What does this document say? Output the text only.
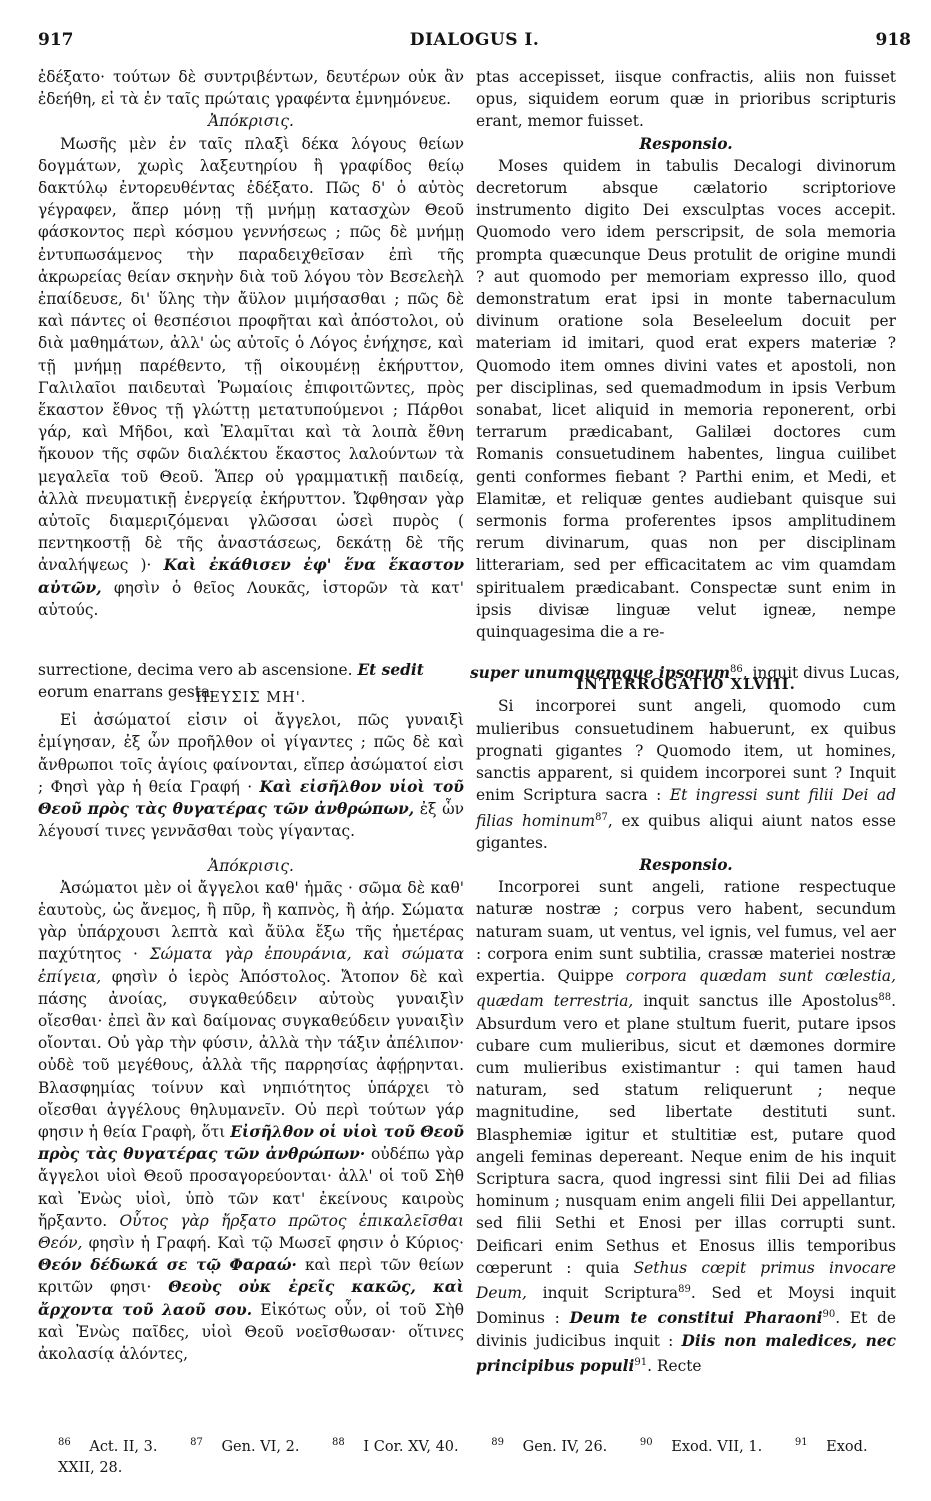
917	DIALOGUS I.	918

ἐδέξατο· τούτων δὲ συντριβέντων, δευτέρων οὐκ ἂν ἐδεήθη, εἰ τὰ ἐν ταῖς πρώταις γραφέντα ἐμνημόνευε.

Ἀπόκρισις.

Μωσῆς μὲν ἐν ταῖς πλαξὶ δέκα λόγους θείων δογμάτων, χωρὶς λαξευτηρίου ἢ γραφίδος θείῳ δακτύλῳ ἐντορευθέντας ἐδέξατο. Πῶς δ' ὁ αὐτὸς γέγραφεν, ἅπερ μόνῃ τῇ μνήμῃ κατασχὼν Θεοῦ φάσκοντος περὶ κόσμου γεννήσεως ; πῶς δὲ μνήμῃ ἐντυπωσάμενος τὴν παραδειχθεῖσαν ἐπὶ τῆς ἀκρωρείας θείαν σκηνὴν διὰ τοῦ λόγου τὸν Βεσελεὴλ ἐπαίδευσε, δι' ὕλης τὴν ἄϋλον μιμήσασθαι ; πῶς δὲ καὶ πάντες οἱ θεσπέσιοι προφῆται καὶ ἀπόστολοι, οὐ διὰ μαθημάτων, ἀλλ' ὡς αὐτοῖς ὁ Λόγος ἐνήχησε, καὶ τῇ μνήμῃ παρέθεντο, τῇ οἰκουμένῃ ἐκήρυττον, Γαλιλαῖοι παιδευταὶ Ῥωμαίοις ἐπιφοιτῶντες, πρὸς ἕκαστον ἔθνος τῇ γλώττῃ μετατυπούμενοι ; Πάρθοι γάρ, καὶ Μῆδοι, καὶ Ἐλαμῖται καὶ τὰ λοιπὰ ἔθνη ἤκουον τῆς σφῶν διαλέκτου ἕκαστος λαλούντων τὰ μεγαλεῖα τοῦ Θεοῦ. Ἅπερ οὐ γραμματικῇ παιδείᾳ, ἀλλὰ πνευματικῇ ἐνεργείᾳ ἐκήρυττον. Ὤφθησαν γὰρ αὐτοῖς διαμεριζόμεναι γλῶσσαι ὡσεὶ πυρὸς ( πεντηκοστῇ δὲ τῆς ἀναστάσεως, δεκάτῃ δὲ τῆς ἀναλήψεως )· Καὶ ἐκάθισεν ἐφ' ἕνα ἕκαστον αὐτῶν, φησὶν ὁ θεῖος Λουκᾶς, ἱστορῶν τὰ κατ' αὐτούς.

ΠΕΥΣΙΣ ΜΗ'.

Εἰ ἀσώματοί εἰσιν οἱ ἄγγελοι, πῶς γυναιξὶ ἐμίγησαν, ἐξ ὧν προῆλθον οἱ γίγαντες ; πῶς δὲ καὶ ἄνθρωποι τοῖς ἁγίοις φαίνονται, εἴπερ ἀσώματοί εἰσι ; Φησὶ γὰρ ἡ θεία Γραφή · Καὶ εἰσῆλθον υἱοὶ τοῦ Θεοῦ πρὸς τὰς θυγατέρας τῶν ἀνθρώπων, ἐξ ὧν λέγουσί τινες γεννᾶσθαι τοὺς γίγαντας.

Ἀπόκρισις.

Ἀσώματοι μὲν οἱ ἄγγελοι καθ' ἡμᾶς · σῶμα δὲ καθ' ἑαυτοὺς, ὡς ἄνεμος, ἢ πῦρ, ἢ καπνὸς, ἢ ἀήρ. Σώματα γὰρ ὑπάρχουσι λεπτὰ καὶ ἄϋλα ἔξω τῆς ἡμετέρας παχύτητος · Σώματα γὰρ ἐπουράνια, καὶ σώματα ἐπίγεια, φησὶν ὁ ἱερὸς Ἀπόστολος. Ἄτοπον δὲ καὶ πάσης ἀνοίας, συγκαθεύδειν αὐτοὺς γυναιξὶν οἴεσθαι· ἐπεὶ ἂν καὶ δαίμονας συγκαθεύδειν γυναιξὶν οἴονται. Οὐ γὰρ τὴν φύσιν, ἀλλὰ τὴν τάξιν ἀπέλιπον· οὐδὲ τοῦ μεγέθους, ἀλλὰ τῆς παρρησίας ἀφῄρηνται. Βλασφημίας τοίνυν καὶ νηπιότητος ὑπάρχει τὸ οἴεσθαι ἀγγέλους θηλυμανεῖν. Οὐ περὶ τούτων γάρ φησιν ἡ θεία Γραφὴ, ὅτι Εἰσῆλθον οἱ υἱοὶ τοῦ Θεοῦ πρὸς τὰς θυγατέρας τῶν ἀνθρώπων· οὐδέπω γὰρ ἄγγελοι υἱοὶ Θεοῦ προσαγορεύονται· ἀλλ' οἱ τοῦ Σὴθ καὶ Ἐνὼς υἱοὶ, ὑπὸ τῶν κατ' ἐκείνους καιροὺς ἤρξαντο. Οὗτος γὰρ ἤρξατο πρῶτος ἐπικαλεῖσθαι Θεόν, φησὶν ἡ Γραφή. Καὶ τῷ Μωσεῖ φησιν ὁ Κύριος· Θεόν δέδωκά σε τῷ Φαραώ· καὶ περὶ τῶν θείων κριτῶν φησι· Θεοὺς οὐκ ἐρεῖς κακῶς, καὶ ἄρχοντα τοῦ λαοῦ σου. Εἰκότως οὖν, οἱ τοῦ Σὴθ καὶ Ἐνὼς παῖδες, υἱοὶ Θεοῦ νοεῖσθωσαν· οἵτινες ἀκολασίᾳ ἁλόντες,

ptas accepisset, iisque confractis, aliis non fuisset opus, siquidem eorum quæ in prioribus scripturis erant, memor fuisset.

Responsio.

Moses quidem in tabulis Decalogi divinorum decretorum absque cælatorio scriptoriove instrumento digito Dei exsculptas voces accepit. Quomodo vero idem perscripsit, de sola memoria prompta quæcunque Deus protulit de origine mundi ? aut quomodo per memoriam expresso illo, quod demonstratum erat ipsi in monte tabernaculum divinum oratione sola Beseleelum docuit per materiam id imitari, quod erat expers materiæ ? Quomodo item omnes divini vates et apostoli, non per disciplinas, sed quemadmodum in ipsis Verbum sonabat, licet aliquid in memoria reponerent, orbi terrarum prædicabant, Galilæi doctores cum Romanis consuetudinem habentes, lingua cuilibet genti conformes fiebant ? Parthi enim, et Medi, et Elamitæ, et reliquæ gentes audiebant quisque sui sermonis forma proferentes ipsos amplitudinem rerum divinarum, quas non per disciplinam litterariam, sed per efficacitatem ac vim quamdam spiritualem prædicabant. Conspectæ sunt enim in ipsis divisæ linguæ velut igneæ, nempe quinquagesima die a re-

INTERROGATIO XLVIII.

Si incorporei sunt angeli, quomodo cum mulieribus consuetudinem habuerunt, ex quibus prognati gigantes ? Quomodo item, ut homines, sanctis apparent, si quidem incorporei sunt ? Inquit enim Scriptura sacra : Et ingressi sunt filii Dei ad filias hominum$^{87}$, ex quibus aliqui aiunt natos esse gigantes.

Responsio.

Incorporei sunt angeli, ratione respectuque naturæ nostræ ; corpus vero habent, secundum naturam suam, ut ventus, vel ignis, vel fumus, vel aer : corpora enim sunt subtilia, crassæ materiei nostræ expertia. Quippe corpora quædam sunt cœlestia, quædam terrestria, inquit sanctus ille Apostolus$^{88}$. Absurdum vero et plane stultum fuerit, putare ipsos cubare cum mulieribus, sicut et dæmones dormire cum mulieribus existimantur : qui tamen haud naturam, sed statum reliquerunt ; neque magnitudine, sed libertate destituti sunt. Blasphemiæ igitur et stultitiæ est, putare quod angeli feminas depereant. Neque enim de his inquit Scriptura sacra, quod ingressi sint filii Dei ad filias hominum ; nusquam enim angeli filii Dei appellantur, sed filii Sethi et Enosi per illas corrupti sunt. Deificari enim Sethus et Enosus illis temporibus cœperunt : quia Sethus cœpit primus invocare Deum, inquit Scriptura$^{89}$. Sed et Moysi inquit Dominus : Deum te constitui Pharaoni$^{90}$. Et de divinis judicibus inquit : Diis non maledices, nec principibus populi$^{91}$. Recte

surrectione, decima vero ab ascensione. Et sedit	super unumquemque ipsorum$^{86}$, inquit divus Lucas,
eorum enarrans gesta.
$^{86}$ Act. II, 3.	$^{87}$ Gen. VI, 2.	$^{88}$ I Cor. XV, 40.	$^{89}$ Gen. IV, 26.	$^{90}$ Exod. VII, 1.	$^{91}$ Exod. XXII, 28.
